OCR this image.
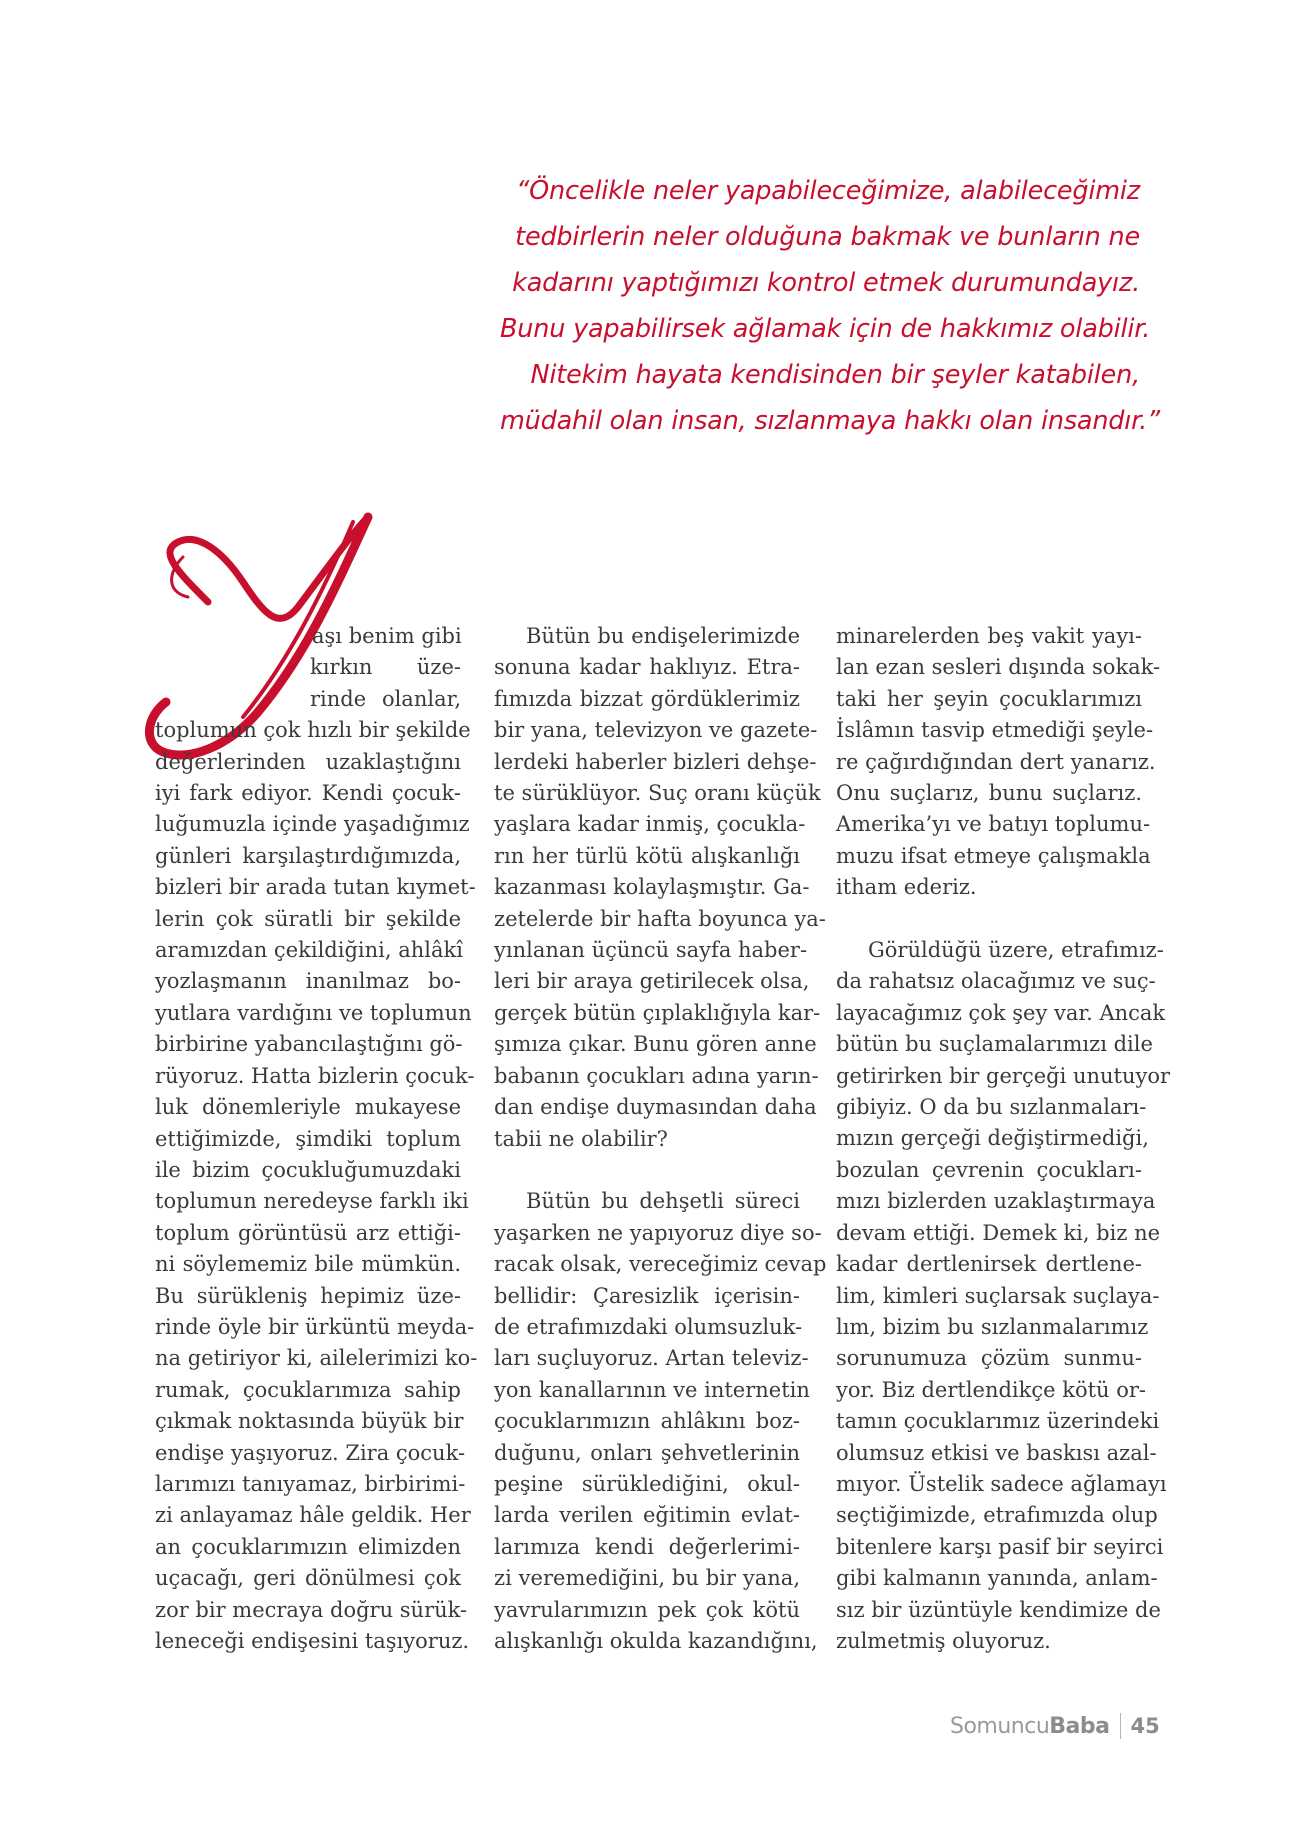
“Öncelikle neler yapabileceğimize, alabileceğimiz
tedbirlerin neler olduğuna bakmak ve bunların ne
kadarını yaptığımızı kontrol etmek durumundayız.
Bunu yapabilirsek ağlamak için de hakkımız olabilir.
Nitekim hayata kendisinden bir şeyler katabilen,
müdahil olan insan, sızlanmaya hakkı olan insandır.”
aşı benim gibi
kırkın üze-
rinde olanlar,
toplumun çok hızlı bir şekilde
değerlerinden uzaklaştığını
iyi fark ediyor. Kendi çocuk-
luğumuzla içinde yaşadığımız
günleri karşılaştırdığımızda,
bizleri bir arada tutan kıymet-
lerin çok süratli bir şekilde
aramızdan çekildiğini, ahlâkî
yozlaşmanın inanılmaz bo-
yutlara vardığını ve toplumun
birbirine yabancılaştığını gö-
rüyoruz. Hatta bizlerin çocuk-
luk dönemleriyle mukayese
ettiğimizde, şimdiki toplum
ile bizim çocukluğumuzdaki
toplumun neredeyse farklı iki
toplum görüntüsü arz ettiği-
ni söylememiz bile mümkün.
Bu sürükleniş hepimiz üze-
rinde öyle bir ürküntü meyda-
na getiriyor ki, ailelerimizi ko-
rumak, çocuklarımıza sahip
çıkmak noktasında büyük bir
endişe yaşıyoruz. Zira çocuk-
larımızı tanıyamaz, birbirimi-
zi anlayamaz hâle geldik. Her
an çocuklarımızın elimizden
uçacağı, geri dönülmesi çok
zor bir mecraya doğru sürük-
leneceği endişesini taşıyoruz.
Bütün bu endişelerimizde
sonuna kadar haklıyız. Etra-
fımızda bizzat gördüklerimiz
bir yana, televizyon ve gazete-
lerdeki haberler bizleri dehşe-
te sürüklüyor. Suç oranı küçük
yaşlara kadar inmiş, çocukla-
rın her türlü kötü alışkanlığı
kazanması kolaylaşmıştır. Ga-
zetelerde bir hafta boyunca ya-
yınlanan üçüncü sayfa haber-
leri bir araya getirilecek olsa,
gerçek bütün çıplaklığıyla kar-
şımıza çıkar. Bunu gören anne
babanın çocukları adına yarın-
dan endişe duymasından daha
tabii ne olabilir?
Bütün bu dehşetli süreci
yaşarken ne yapıyoruz diye so-
racak olsak, vereceğimiz cevap
bellidir: Çaresizlik içerisin-
de etrafımızdaki olumsuzluk-
ları suçluyoruz. Artan televiz-
yon kanallarının ve internetin
çocuklarımızın ahlâkını boz-
duğunu, onları şehvetlerinin
peşine sürüklediğini, okul-
larda verilen eğitimin evlat-
larımıza kendi değerlerimi-
zi veremediğini, bu bir yana,
yavrularımızın pek çok kötü
alışkanlığı okulda kazandığını,
minarelerden beş vakit yayı-
lan ezan sesleri dışında sokak-
taki her şeyin çocuklarımızı
İslâmın tasvip etmediği şeyle-
re çağırdığından dert yanarız.
Onu suçlarız, bunu suçlarız.
Amerika’yı ve batıyı toplumu-
muzu ifsat etmeye çalışmakla
itham ederiz.
Görüldüğü üzere, etrafımız-
da rahatsız olacağımız ve suç-
layacağımız çok şey var. Ancak
bütün bu suçlamalarımızı dile
getirirken bir gerçeği unutuyor
gibiyiz. O da bu sızlanmaları-
mızın gerçeği değiştirmediği,
bozulan çevrenin çocukları-
mızı bizlerden uzaklaştırmaya
devam ettiği. Demek ki, biz ne
kadar dertlenirsek dertlene-
lim, kimleri suçlarsak suçlaya-
lım, bizim bu sızlanmalarımız
sorunumuza çözüm sunmu-
yor. Biz dertlendikçe kötü or-
tamın çocuklarımız üzerindeki
olumsuz etkisi ve baskısı azal-
mıyor. Üstelik sadece ağlamayı
seçtiğimizde, etrafımızda olup
bitenlere karşı pasif bir seyirci
gibi kalmanın yanında, anlam-
sız bir üzüntüyle kendimize de
zulmetmiş oluyoruz.
SomuncuBaba 45
